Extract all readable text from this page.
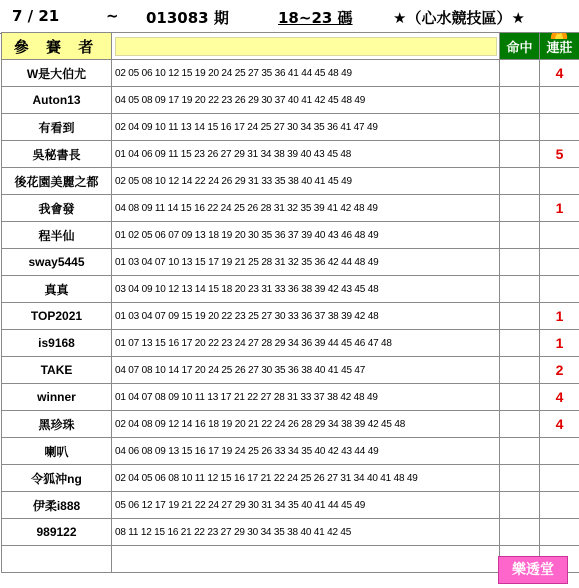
7 / 21	~ 013083 期	18~23 碼	★（心水競技區）★
參 賽 者		命中	連莊
W是大伯尤	02 05 06 10 12 15 19 20 24 25 27 35 36 41 44 45 48 49		4
Auton13	04 05 08 09 17 19 20 22 23 26 29 30 37 40 41 42 45 48 49		
有看到	02 04 09 10 11 13 14 15 16 17 24 25 27 30 34 35 36 41 47 49		
吳秘書長	01 04 06 09 11 15 23 26 27 29 31 34 38 39 40 43 45 48		5
後花園美麗之都	02 05 08 10 12 14 22 24 26 29 31 33 35 38 40 41 45 49		
我會發	04 08 09 11 14 15 16 22 24 25 26 28 31 32 35 39 41 42 48 49		1
程半仙	01 02 05 06 07 09 13 18 19 20 30 35 36 37 39 40 43 46 48 49		
sway5445	01 03 04 07 10 13 15 17 19 21 25 28 31 32 35 36 42 44 48 49		
真真	03 04 09 10 12 13 14 15 18 20 23 31 33 36 38 39 42 43 45 48		
TOP2021	01 03 04 07 09 15 19 20 22 23 25 27 30 33 36 37 38 39 42 48		1
is9168	01 07 13 15 16 17 20 22 23 24 27 28 29 34 36 39 44 45 46 47 48		1
TAKE	04 07 08 10 14 17 20 24 25 26 27 30 35 36 38 40 41 45 47		2
winner	01 04 07 08 09 10 11 13 17 21 22 27 28 31 33 37 38 42 48 49		4
黑珍珠	02 04 08 09 12 14 16 18 19 20 21 22 24 26 28 29 34 38 39 42 45 48		4
喇叭	04 06 08 09 13 15 16 17 19 24 25 26 33 34 35 40 42 43 44 49		
令狐沖ng	02 04 05 06 08 10 11 12 15 16 17 21 22 24 25 26 27 31 34 40 41 48 49		
伊柔i888	05 06 12 17 19 21 22 24 27 29 30 31 34 35 40 41 44 45 49		
989122	08 11 12 15 16 21 22 23 27 29 30 34 35 38 40 41 42 45		

樂透堂
